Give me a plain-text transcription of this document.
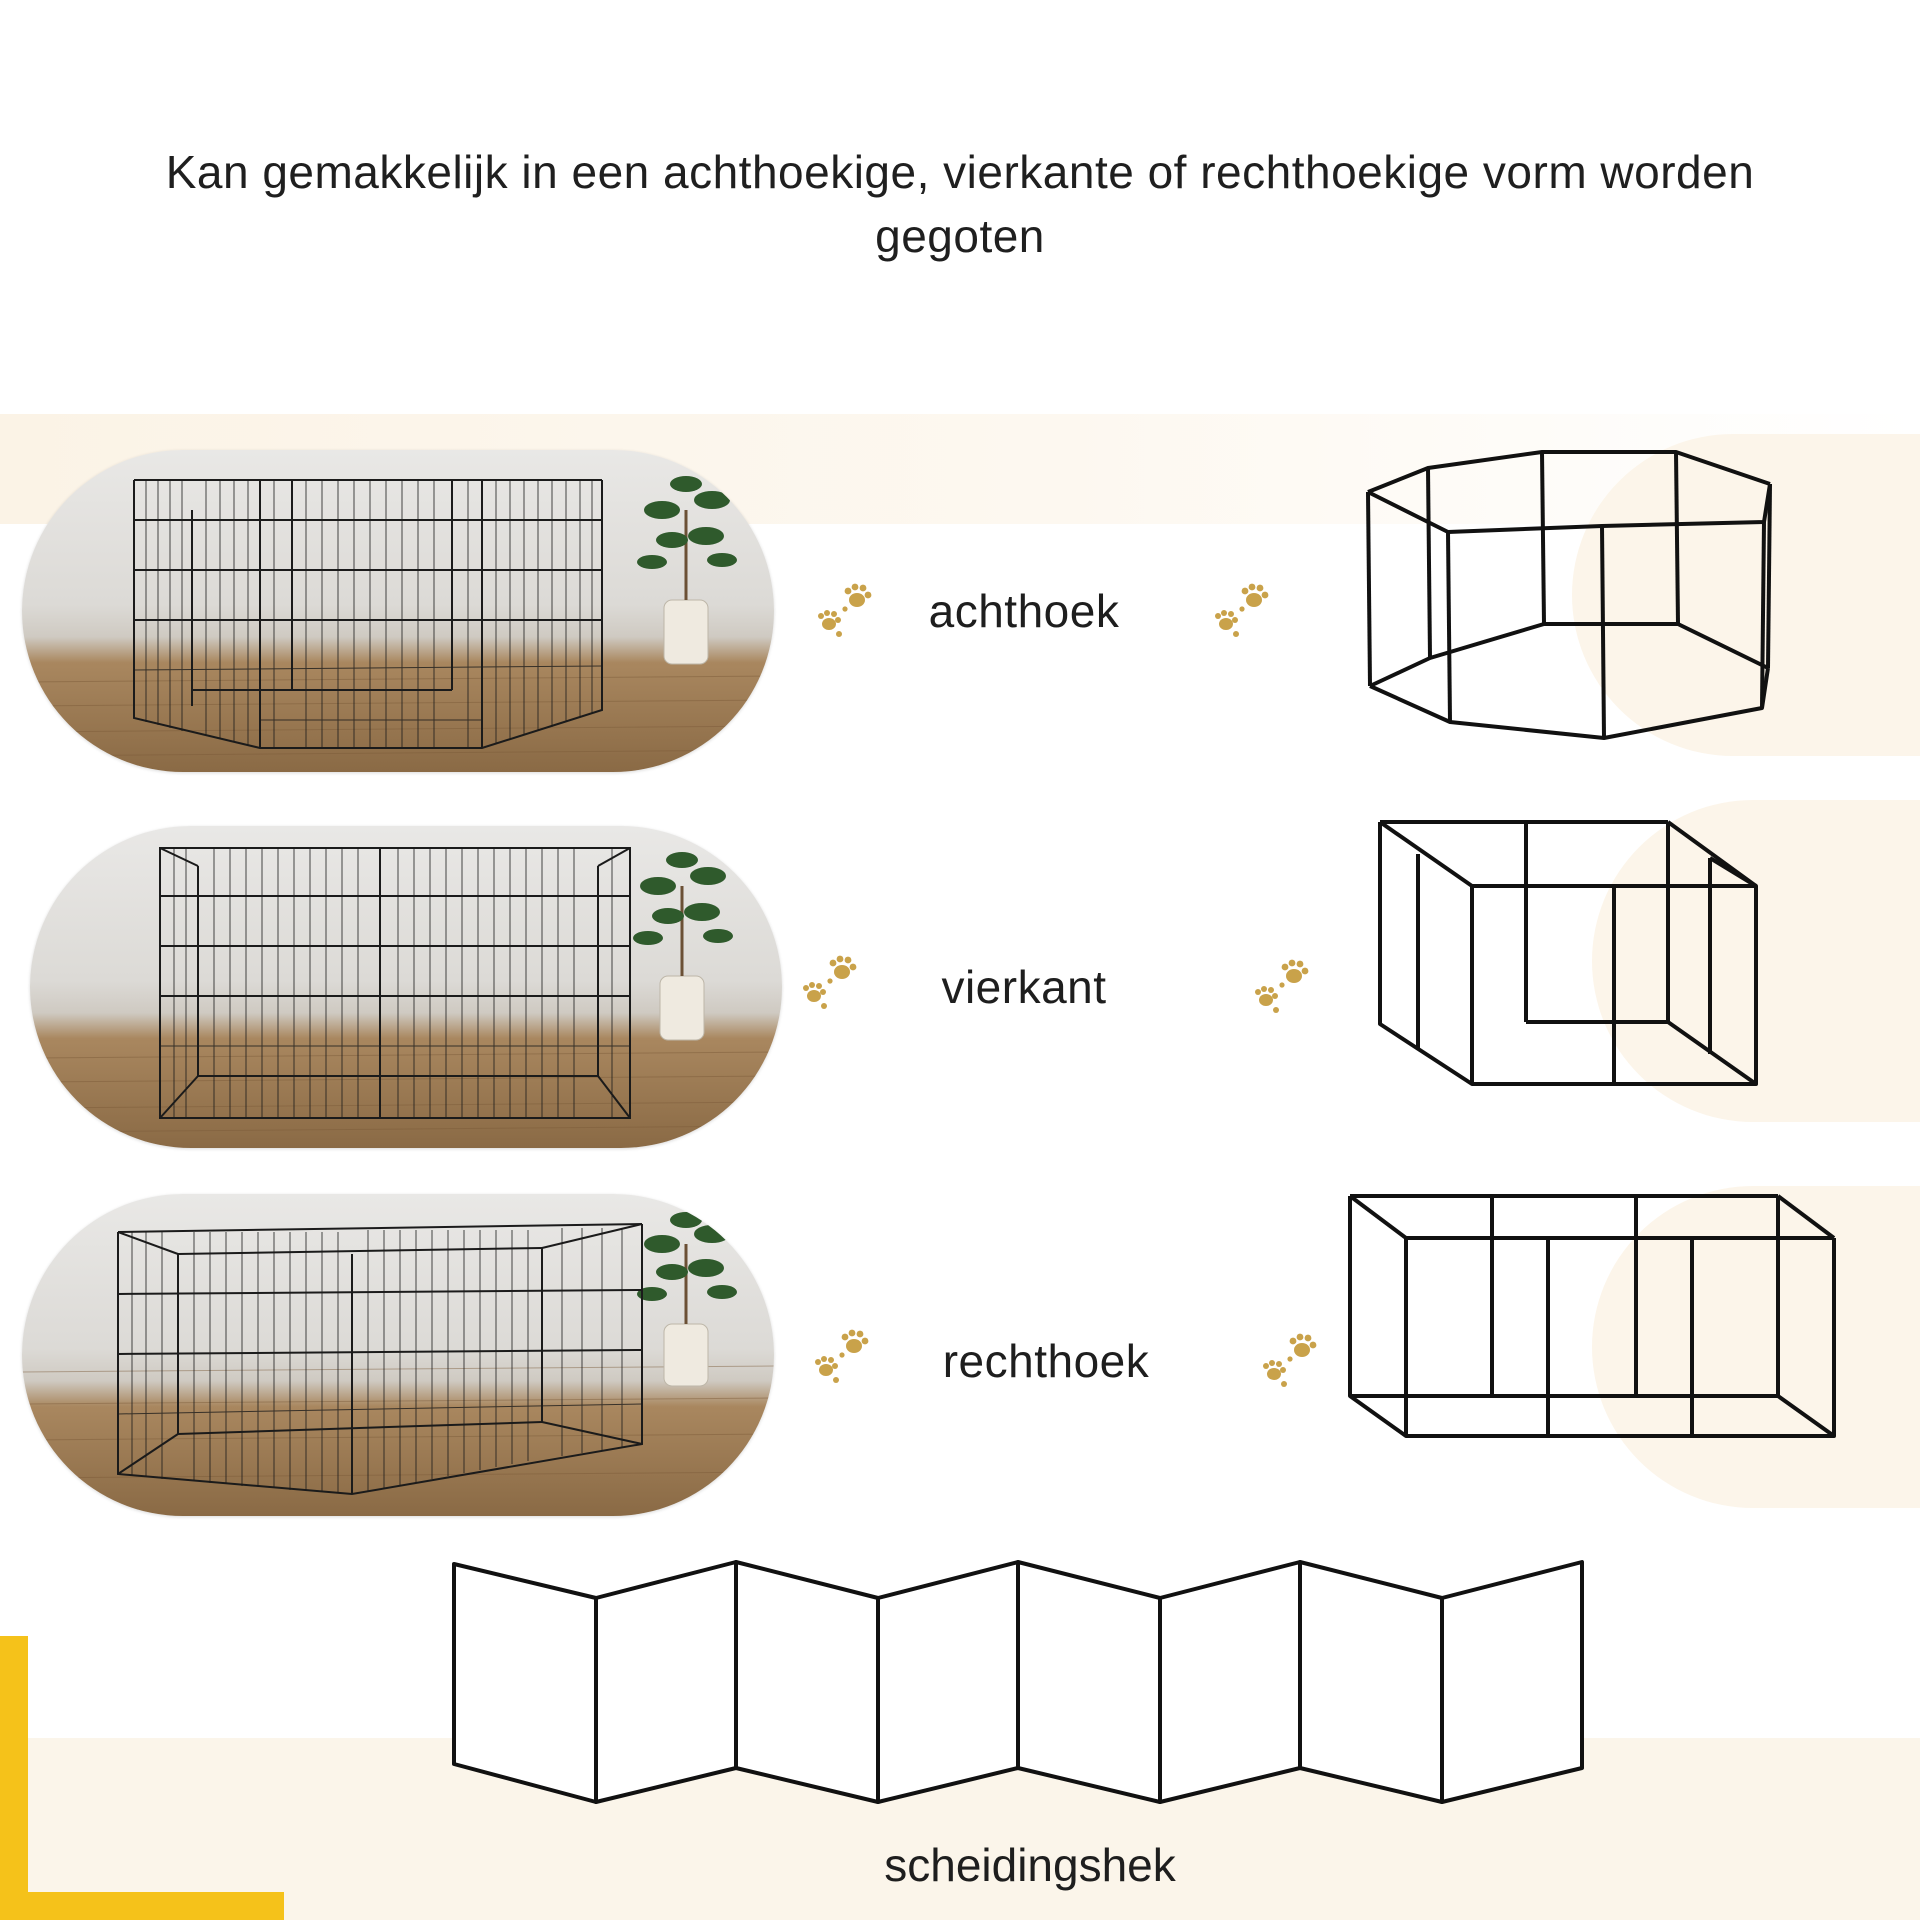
Kan gemakkelijk in een achthoekige, vierkante of rechthoekige vorm worden
gegoten
achthoek
vierkant
rechthoek
scheidingshek
